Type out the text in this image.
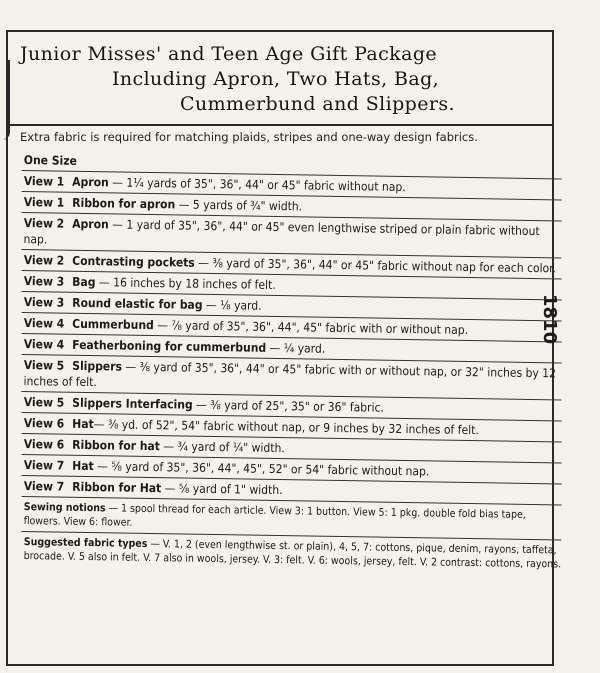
Junior Misses' and Teen Age Gift Package
Including Apron, Two Hats, Bag,
Cummerbund and Slippers.
Extra fabric is required for matching plaids, stripes and one-way design fabrics.
One Size
View 1 Apron — 1¼ yards of 35", 36", 44" or 45" fabric without nap.
View 1 Ribbon for apron — 5 yards of ¾" width.
View 2 Apron — 1 yard of 35", 36", 44" or 45" even lengthwise striped or plain fabric without nap.
View 2 Contrasting pockets — ⅜ yard of 35", 36", 44" or 45" fabric without nap for each color.
View 3 Bag — 16 inches by 18 inches of felt.
View 3 Round elastic for bag — ⅛ yard.
View 4 Cummerbund — ⅞ yard of 35", 36", 44", 45" fabric with or without nap.
View 4 Featherboning for cummerbund — ¼ yard.
View 5 Slippers — ⅜ yard of 35", 36", 44" or 45" fabric with or without nap, or 32" inches by 12 inches of felt.
View 5 Slippers Interfacing — ⅜ yard of 25", 35" or 36" fabric.
View 6 Hat— ⅜ yd. of 52", 54" fabric without nap, or 9 inches by 32 inches of felt.
View 6 Ribbon for hat — ¾ yard of ¼" width.
View 7 Hat — ⅝ yard of 35", 36", 44", 45", 52" or 54" fabric without nap.
View 7 Ribbon for Hat — ⅝ yard of 1" width.
Sewing notions — 1 spool thread for each article. View 3: 1 button. View 5: 1 pkg. double fold bias tape, flowers. View 6: flower.
Suggested fabric types — V. 1, 2 (even lengthwise st. or plain), 4, 5, 7: cottons, pique, denim, rayons, taffeta, brocade. V. 5 also in felt. V. 7 also in wools, jersey. V. 3: felt. V. 6: wools, jersey, felt. V. 2 contrast: cottons, rayons.
1810
